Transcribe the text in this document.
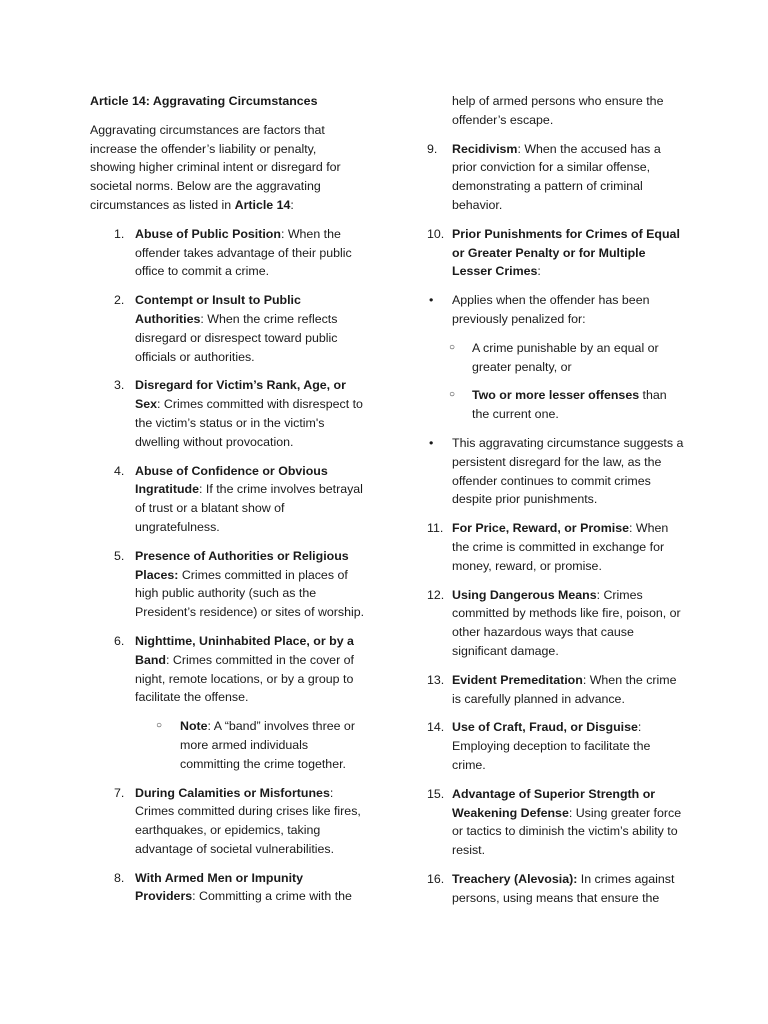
Article 14: Aggravating Circumstances

Aggravating circumstances are factors that increase the offender’s liability or penalty, showing higher criminal intent or disregard for societal norms. Below are the aggravating circumstances as listed in Article 14:

1. Abuse of Public Position: When the offender takes advantage of their public office to commit a crime.
2. Contempt or Insult to Public Authorities: When the crime reflects disregard or disrespect toward public officials or authorities.
3. Disregard for Victim’s Rank, Age, or Sex: Crimes committed with disrespect to the victim’s status or in the victim's dwelling without provocation.
4. Abuse of Confidence or Obvious Ingratitude: If the crime involves betrayal of trust or a blatant show of ungratefulness.
5. Presence of Authorities or Religious Places: Crimes committed in places of high public authority (such as the President’s residence) or sites of worship.
6. Nighttime, Uninhabited Place, or by a Band: Crimes committed in the cover of night, remote locations, or by a group to facilitate the offense.
○ Note: A “band” involves three or more armed individuals committing the crime together.
7. During Calamities or Misfortunes: Crimes committed during crises like fires, earthquakes, or epidemics, taking advantage of societal vulnerabilities.
8. With Armed Men or Impunity Providers: Committing a crime with the
help of armed persons who ensure the offender’s escape.
9. Recidivism: When the accused has a prior conviction for a similar offense, demonstrating a pattern of criminal behavior.
10. Prior Punishments for Crimes of Equal or Greater Penalty or for Multiple Lesser Crimes:
• Applies when the offender has been previously penalized for:
○ A crime punishable by an equal or greater penalty, or
○ Two or more lesser offenses than the current one.
• This aggravating circumstance suggests a persistent disregard for the law, as the offender continues to commit crimes despite prior punishments.
11. For Price, Reward, or Promise: When the crime is committed in exchange for money, reward, or promise.
12. Using Dangerous Means: Crimes committed by methods like fire, poison, or other hazardous ways that cause significant damage.
13. Evident Premeditation: When the crime is carefully planned in advance.
14. Use of Craft, Fraud, or Disguise: Employing deception to facilitate the crime.
15. Advantage of Superior Strength or Weakening Defense: Using greater force or tactics to diminish the victim’s ability to resist.
16. Treachery (Alevosia): In crimes against persons, using means that ensure the
